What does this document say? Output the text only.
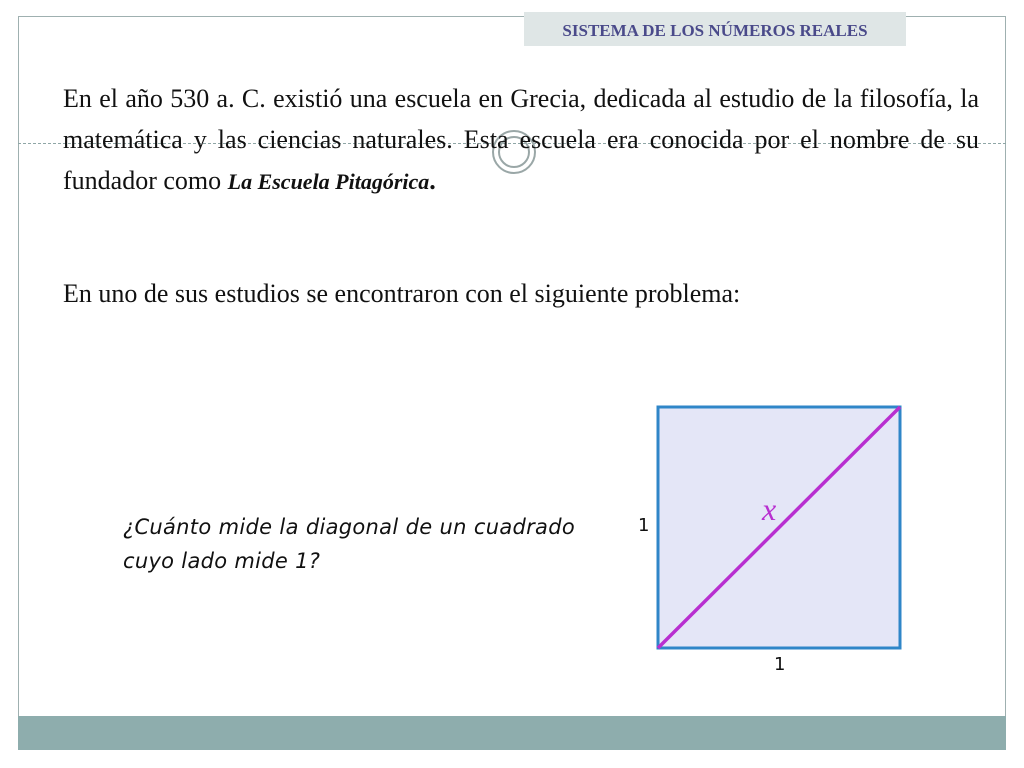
SISTEMA DE LOS NÚMEROS REALES

En el año 530 a. C. existió una escuela en Grecia, dedicada al estudio de la filosofía, la matemática y las ciencias naturales. Esta escuela era conocida por el nombre de su fundador como La Escuela Pitagórica.

En uno de sus estudios se encontraron con el siguiente problema:

¿Cuánto mide la diagonal de un cuadrado cuyo lado mide 1?

x
1
1
